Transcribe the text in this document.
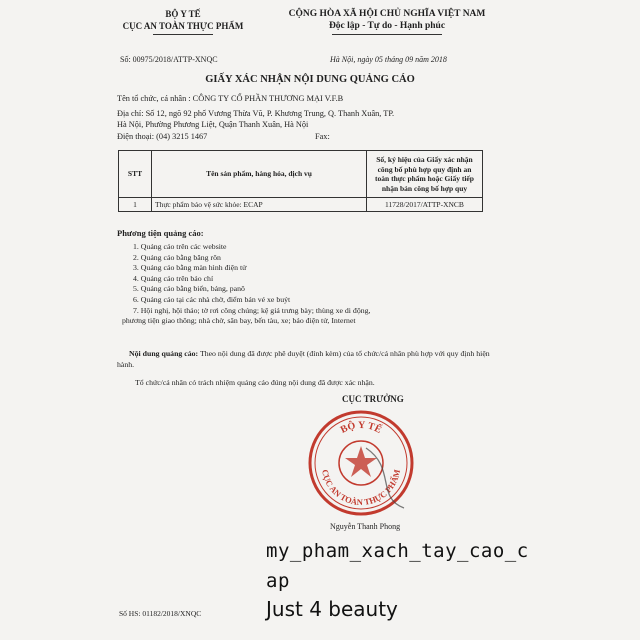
BỘ Y TẾ
CỤC AN TOÀN THỰC PHẨM
CỘNG HÒA XÃ HỘI CHỦ NGHĨA VIỆT NAM
Độc lập - Tự do - Hạnh phúc
Số: 00975/2018/ATTP-XNQC	Hà Nội, ngày 05 tháng 09 năm 2018
GIẤY XÁC NHẬN NỘI DUNG QUẢNG CÁO
Tên tổ chức, cá nhân : CÔNG TY CỔ PHẦN THƯƠNG MẠI V.F.B
Địa chỉ: Số 12, ngõ 92 phố Vương Thừa Vũ, P. Khương Trung, Q. Thanh Xuân, TP.
Hà Nội, Phường Phương Liệt, Quận Thanh Xuân, Hà Nội
Điện thoại: (04) 3215 1467	Fax:
STT	Tên sản phẩm, hàng hóa, dịch vụ	Số, ký hiệu của Giấy xác nhận công bố phù hợp quy định an toàn thực phẩm hoặc Giấy tiếp nhận bản công bố hợp quy
1	Thực phẩm bảo vệ sức khỏe: ECAP	11728/2017/ATTP-XNCB
Phương tiện quảng cáo:
1. Quảng cáo trên các website
2. Quảng cáo bằng băng rôn
3. Quảng cáo bằng màn hình điện tử
4. Quảng cáo trên báo chí
5. Quảng cáo bằng biển, bảng, panô
6. Quảng cáo tại các nhà chờ, điểm bán vé xe buýt
7. Hội nghị, hội thảo; tờ rơi công chúng; kệ giá trưng bày; thùng xe di động,
phương tiện giao thông; nhà chờ, sân bay, bến tàu, xe; báo điện tử, Internet
Nội dung quảng cáo: Theo nội dung đã được phê duyệt (đính kèm) của tổ chức/cá nhân phù hợp với quy định hiện hành.
Tổ chức/cá nhân có trách nhiệm quảng cáo đúng nội dung đã được xác nhận.
CỤC TRƯỞNG
BỘ Y TẾ
CỤC AN TOÀN THỰC PHẨM
Nguyễn Thanh Phong
Số HS: 01182/2018/XNQC
my_pham_xach_tay_cao_c
ap
Just 4 beauty
